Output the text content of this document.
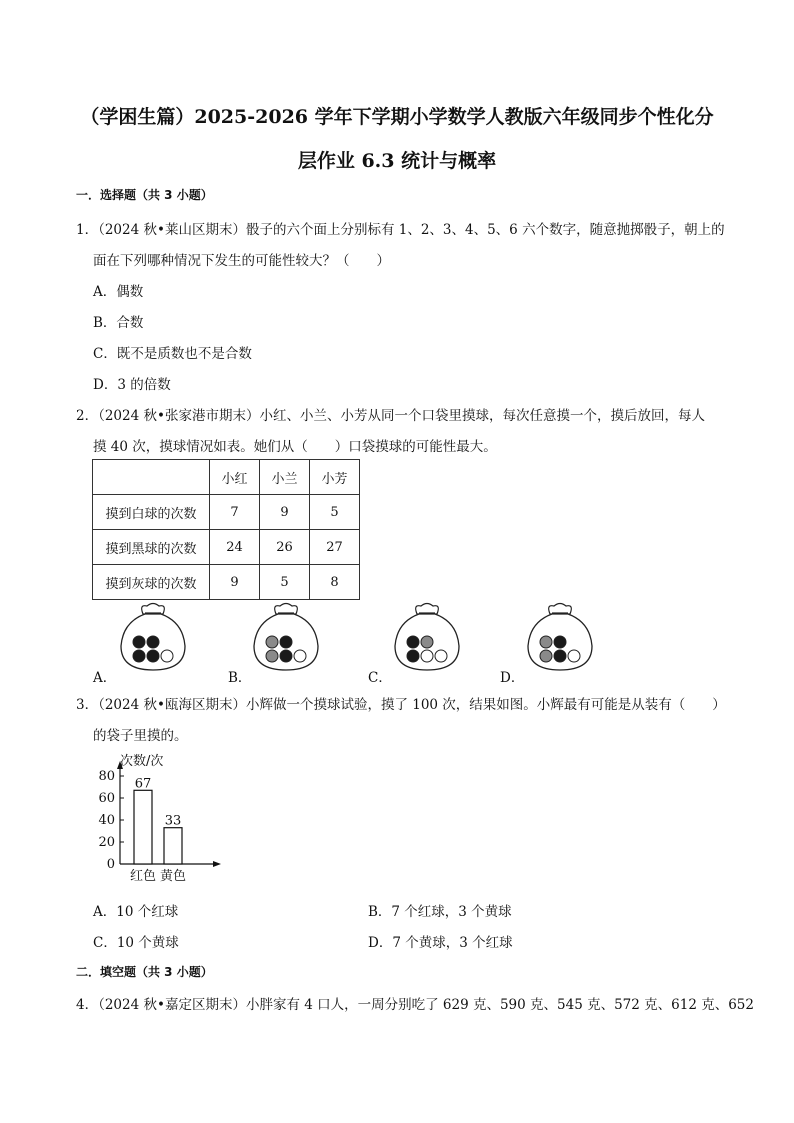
（学困生篇）2025-2026 学年下学期小学数学人教版六年级同步个性化分
层作业 6.3 统计与概率
一．选择题（共 3 小题）
1．（2024 秋•莱山区期末）骰子的六个面上分别标有 1、2、3、4、5、6 六个数字，随意抛掷骰子，朝上的
面在下列哪种情况下发生的可能性较大？（　　）
A．偶数
B．合数
C．既不是质数也不是合数
D．3 的倍数
2．（2024 秋•张家港市期末）小红、小兰、小芳从同一个口袋里摸球，每次任意摸一个，摸后放回，每人
摸 40 次，摸球情况如表。她们从（　　）口袋摸球的可能性最大。
	小红	小兰	小芳
摸到白球的次数	7	9	5
摸到黑球的次数	24	26	27
摸到灰球的次数	9	5	8
A．	B．	C．	D．
3．（2024 秋•瓯海区期末）小辉做一个摸球试验，摸了 100 次，结果如图。小辉最有可能是从装有（　　）
的袋子里摸的。
0
20
40
60
80
次数/次
67
红色
33
黄色
A．10 个红球	B．7 个红球，3 个黄球
C．10 个黄球	D．7 个黄球，3 个红球
二．填空题（共 3 小题）
4．（2024 秋•嘉定区期末）小胖家有 4 口人，一周分别吃了 629 克、590 克、545 克、572 克、612 克、652
